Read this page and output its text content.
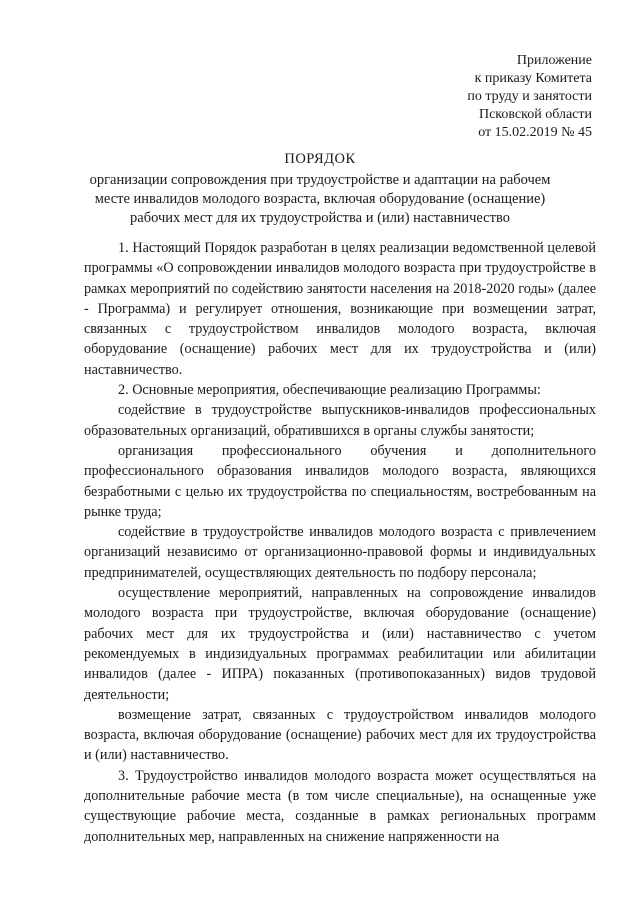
Приложение
к приказу Комитета
по труду и занятости
Псковской области
от 15.02.2019 № 45
ПОРЯДОК
организации сопровождения при трудоустройстве и адаптации на рабочем
месте инвалидов молодого возраста, включая оборудование (оснащение)
рабочих мест для их трудоустройства и (или) наставничество

1. Настоящий Порядок разработан в целях реализации ведомственной целевой программы «О сопровождении инвалидов молодого возраста при трудоустройстве в рамках мероприятий по содействию занятости населения на 2018-2020 годы» (далее - Программа) и регулирует отношения, возникающие при возмещении затрат, связанных с трудоустройством инвалидов молодого возраста, включая оборудование (оснащение) рабочих мест для их трудоустройства и (или) наставничество.

2. Основные мероприятия, обеспечивающие реализацию Программы:

содействие в трудоустройстве выпускников-инвалидов профессиональных образовательных организаций, обратившихся в органы службы занятости;

организация профессионального обучения и дополнительного профессионального образования инвалидов молодого возраста, являющихся безработными с целью их трудоустройства по специальностям, востребованным на рынке труда;

содействие в трудоустройстве инвалидов молодого возраста с привлечением организаций независимо от организационно-правовой формы и индивидуальных предпринимателей, осуществляющих деятельность по подбору персонала;

осуществление мероприятий, направленных на сопровождение инвалидов молодого возраста при трудоустройстве, включая оборудование (оснащение) рабочих мест для их трудоустройства и (или) наставничество с учетом рекомендуемых в индизидуальных программах реабилитации или абилитации инвалидов (далее - ИПРА) показанных (противопоказанных) видов трудовой деятельности;

возмещение затрат, связанных с трудоустройством инвалидов молодого возраста, включая оборудование (оснащение) рабочих мест для их трудоустройства и (или) наставничество.

3. Трудоустройство инвалидов молодого возраста может осуществляться на дополнительные рабочие места (в том числе специальные), на оснащенные уже существующие рабочие места, созданные в рамках региональных программ дополнительных мер, направленных на снижение напряженности на
